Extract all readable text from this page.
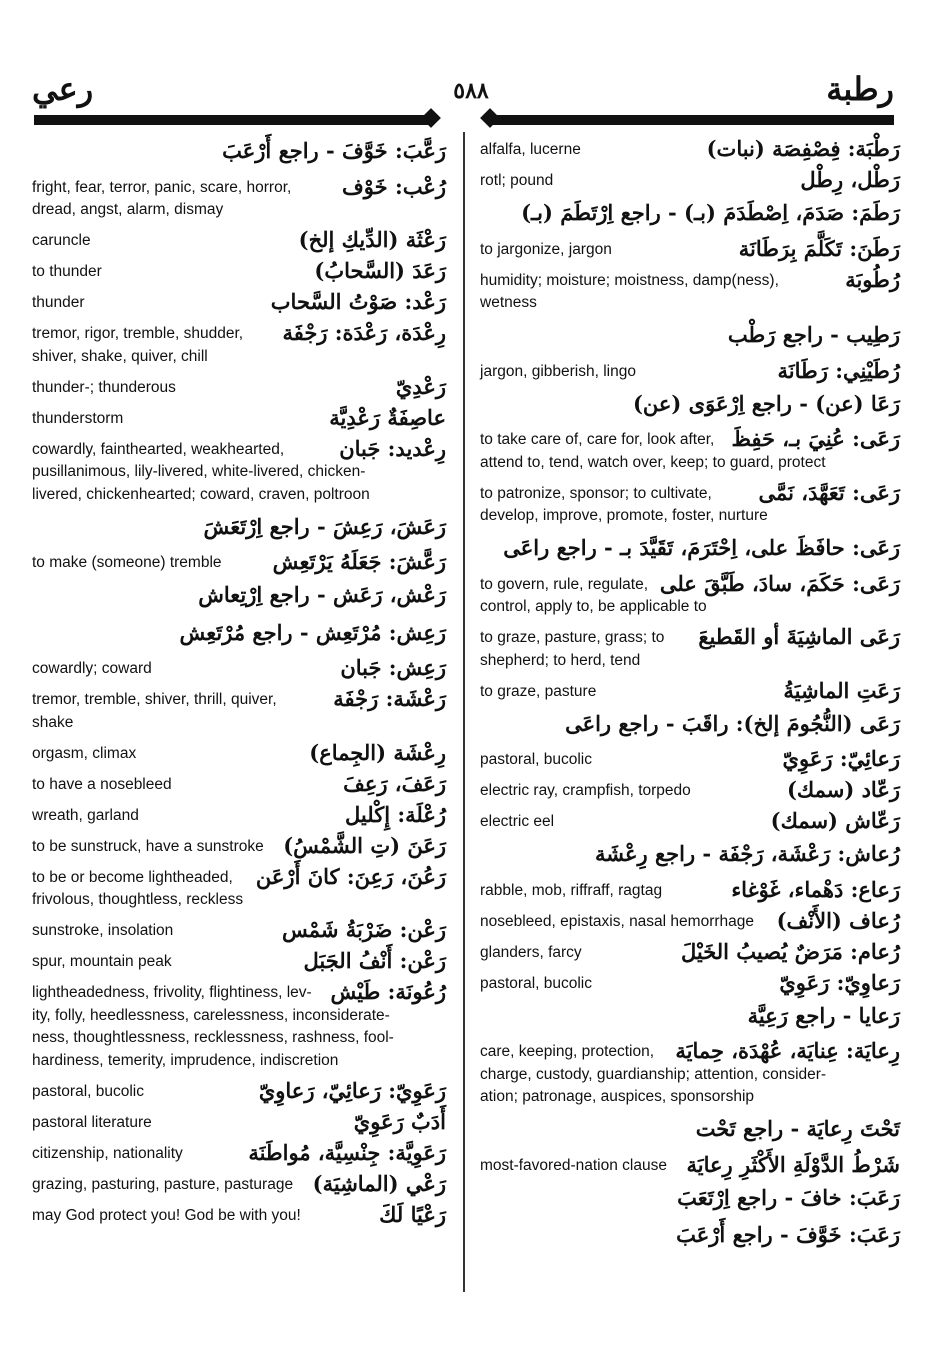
رطبة
٥٨٨
رعي
رَعَّبَ: خَوَّفَ - راجع أَرْعَبَ
رُعْب: خَوْف
fright, fear, terror, panic, scare, horror,
dread, angst, alarm, dismay
رَعْثَة (الدِّيكِ إلخ)
caruncle
رَعَدَ (السَّحابُ)
to thunder
رَعْد: صَوْتُ السَّحاب
thunder
رِعْدَة، رَعْدَة: رَجْفَة
tremor, rigor, tremble, shudder,
shiver, shake, quiver, chill
رَعْدِيّ
thunder-; thunderous
عاصِفَةٌ رَعْدِيَّة
thunderstorm
رِعْديد: جَبان
cowardly, fainthearted, weakhearted,
pusillanimous, lily-livered, white-livered, chicken-
livered, chickenhearted; coward, craven, poltroon
رَعَشَ، رَعِشَ - راجع اِرْتَعَشَ
رَعَّشَ: جَعَلَهُ يَرْتَعِش
to make (someone) tremble
رَعْش، رَعَش - راجع اِرْتِعاش
رَعِش: مُرْتَعِش - راجع مُرْتَعِش
رَعِش: جَبان
cowardly; coward
رَعْشَة: رَجْفَة
tremor, tremble, shiver, thrill, quiver,
shake
رِعْشَة (الجِماع)
orgasm, climax
رَعَفَ، رَعِفَ
to have a nosebleed
رُعْلَة: إِكْليل
wreath, garland
رَعَنَ (تِ الشَّمْسُ)
to be sunstruck, have a sunstroke
رَعُنَ، رَعِنَ: كانَ أَرْعَن
to be or become lightheaded,
frivolous, thoughtless, reckless
رَعْن: ضَرْبَةُ شَمْس
sunstroke, insolation
رَعْن: أَنْفُ الجَبَل
spur, mountain peak
رُعُونَة: طَيْش
lightheadedness, frivolity, flightiness, lev-
ity, folly, heedlessness, carelessness, inconsiderate-
ness, thoughtlessness, recklessness, rashness, fool-
hardiness, temerity, imprudence, indiscretion
رَعَوِيّ: رَعائِيّ، رَعاوِيّ
pastoral, bucolic
أَدَبٌ رَعَوِيّ
pastoral literature
رَعَوِيَّة: جِنْسِيَّة، مُواطَنَة
citizenship, nationality
رَعْي (الماشِيَة)
grazing, pasturing, pasture, pasturage
رَعْيًا لَكَ
may God protect you! God be with you!
رَطْبَة: فِصْفِصَة (نبات)
alfalfa, lucerne
رَطْل، رِطْل
rotl; pound
رَطَمَ: صَدَمَ، اِصْطَدَمَ (بـ) - راجع اِرْتَطَمَ (بـ)
رَطَنَ: تَكَلَّمَ بِرَطَانَة
to jargonize, jargon
رُطُوبَة
humidity; moisture; moistness, damp(ness),
wetness
رَطِيب - راجع رَطْب
رُطَيْنِي: رَطَانَة
jargon, gibberish, lingo
رَعَا (عن) - راجع اِرْعَوَى (عن)
رَعَى: عُنِيَ بـ، حَفِظَ
to take care of, care for, look after,
attend to, tend, watch over, keep; to guard, protect
رَعَى: تَعَهَّدَ، نَمَّى
to patronize, sponsor; to cultivate,
develop, improve, promote, foster, nurture
رَعَى: حافَظَ على، اِحْتَرَمَ، تَقَيَّدَ بـ - راجع راعَى
رَعَى: حَكَمَ، سادَ، طَبَّقَ على
to govern, rule, regulate,
control, apply to, be applicable to
رَعَى الماشِيَةَ أو القَطيعَ
to graze, pasture, grass; to
shepherd; to herd, tend
رَعَتِ الماشِيَةُ
to graze, pasture
رَعَى (النُّجُومَ إلخ): راقَبَ - راجع راعَى
رَعائِيّ: رَعَوِيّ
pastoral, bucolic
رَعّاد (سمك)
electric ray, crampfish, torpedo
رَعّاش (سمك)
electric eel
رُعاش: رَعْشَة، رَجْفَة - راجع رِعْشَة
رَعاع: دَهْماء، غَوْغاء
rabble, mob, riffraff, ragtag
رُعاف (الأَنْف)
nosebleed, epistaxis, nasal hemorrhage
رُعام: مَرَضٌ يُصيبُ الخَيْلَ
glanders, farcy
رَعاوِيّ: رَعَوِيّ
pastoral, bucolic
رَعايا - راجع رَعِيَّة
رِعايَة: عِنايَة، عُهْدَة، حِمايَة
care, keeping, protection,
charge, custody, guardianship; attention, consider-
ation; patronage, auspices, sponsorship
تَحْتَ رِعايَة - راجع تَحْت
شَرْطُ الدَّوْلَةِ الأَكْثَرِ رِعايَة
most-favored-nation clause
رَعَبَ: خافَ - راجع اِرْتَعَبَ
رَعَبَ: خَوَّفَ - راجع أَرْعَبَ
